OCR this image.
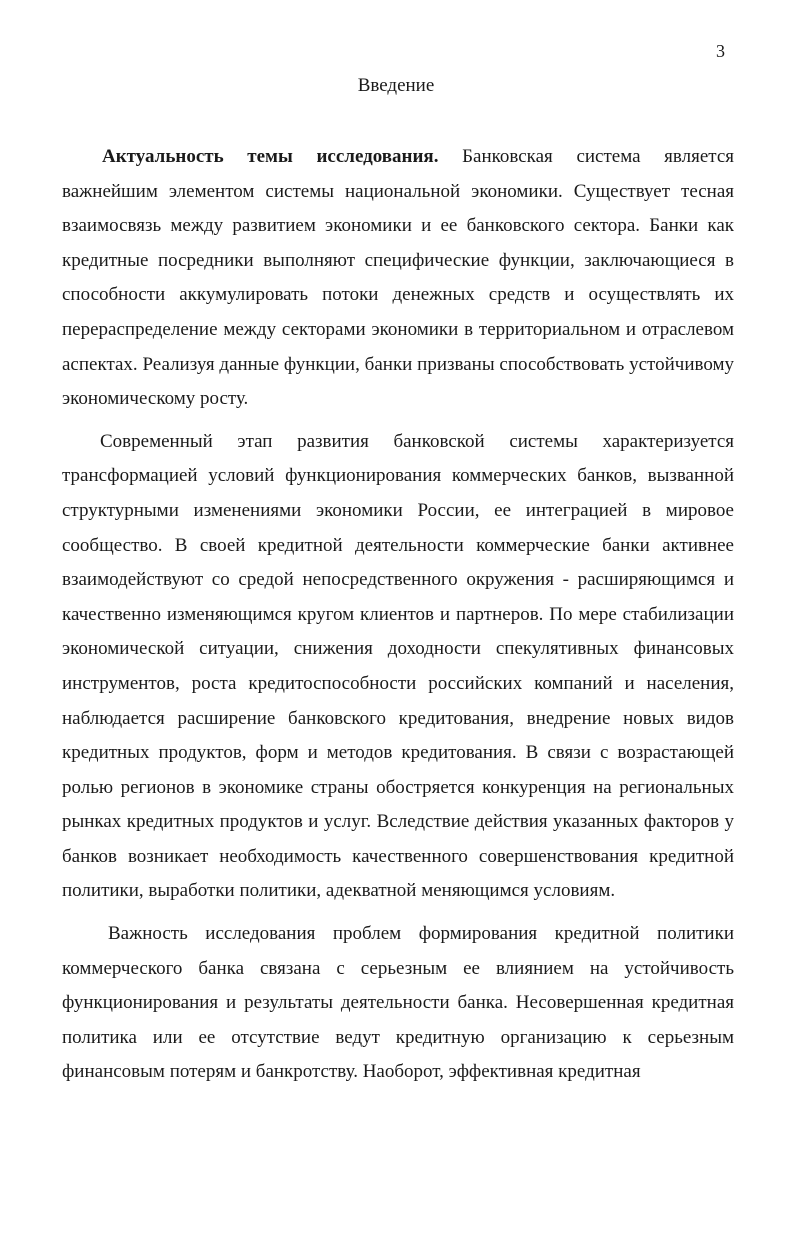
3
Введение

Актуальность темы исследования. Банковская система является важнейшим элементом системы национальной экономики. Существует тесная взаимосвязь между развитием экономики и ее банковского сектора. Банки как кредитные посредники выполняют специфические функции, заключающиеся в способности аккумулировать потоки денежных средств и осуществлять их перераспределение между секторами экономики в территориальном и отраслевом аспектах. Реализуя данные функции, банки призваны способствовать устойчивому экономическому росту.

Современный этап развития банковской системы характеризуется трансформацией условий функционирования коммерческих банков, вызванной структурными изменениями экономики России, ее интеграцией в мировое сообщество. В своей кредитной деятельности коммерческие банки активнее взаимодействуют со средой непосредственного окружения - расширяющимся и качественно изменяющимся кругом клиентов и партнеров. По мере стабилизации экономической ситуации, снижения доходности спекулятивных финансовых инструментов, роста кредитоспособности российских компаний и населения, наблюдается расширение банковского кредитования, внедрение новых видов кредитных продуктов, форм и методов кредитования. В связи с возрастающей ролью регионов в экономике страны обостряется конкуренция на региональных рынках кредитных продуктов и услуг. Вследствие действия указанных факторов у банков возникает необходимость качественного совершенствования кредитной политики, выработки политики, адекватной меняющимся условиям.

Важность исследования проблем формирования кредитной политики коммерческого банка связана с серьезным ее влиянием на устойчивость функционирования и результаты деятельности банка. Несовершенная кредитная политика или ее отсутствие ведут кредитную организацию к серьезным финансовым потерям и банкротству. Наоборот, эффективная кредитная
